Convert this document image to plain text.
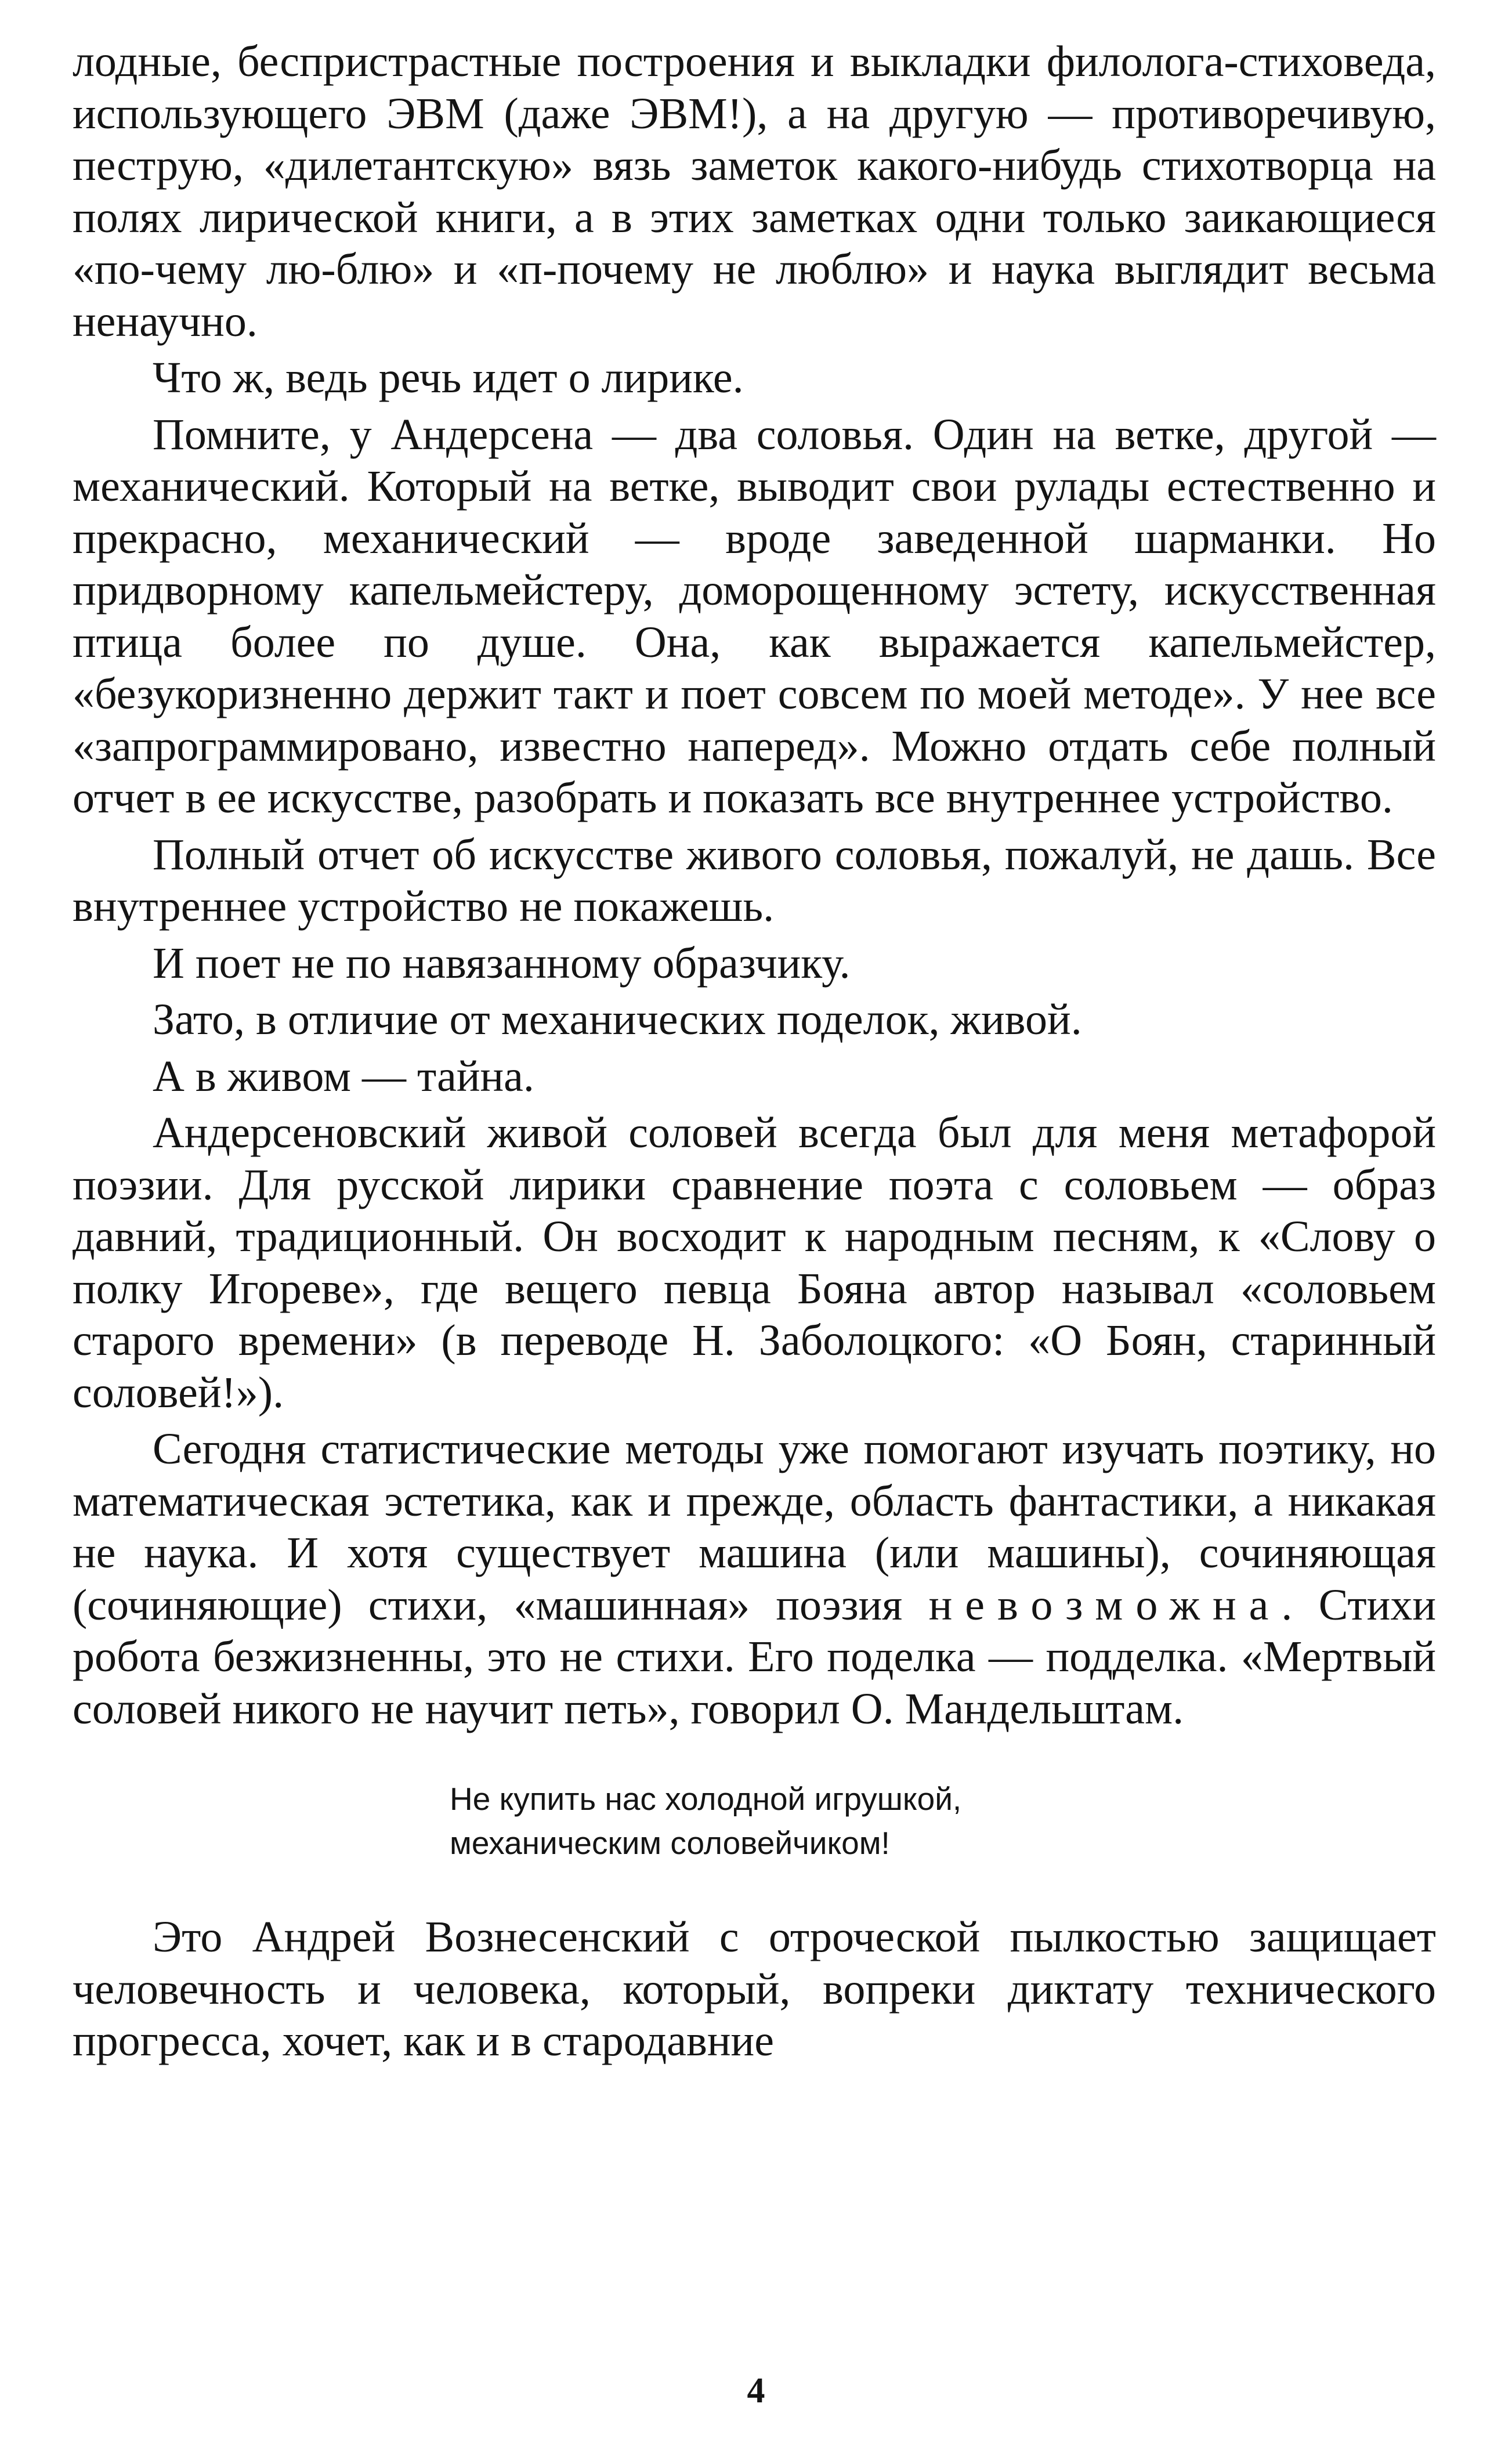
лодные, беспристрастные построения и выкладки филолога-стиховеда, использующего ЭВМ (даже ЭВМ!), а на другую — противоречивую, пеструю, «дилетантскую» вязь заметок какого-нибудь стихотворца на полях лирической книги, а в этих заметках одни только заикающиеся «по-чему лю-блю» и «п-почему не люблю» и наука выглядит весьма ненаучно.

Что ж, ведь речь идет о лирике.

Помните, у Андерсена — два соловья. Один на ветке, другой — механический. Который на ветке, выводит свои рулады естественно и прекрасно, механический — вроде заведенной шарманки. Но придворному капельмейстеру, доморощенному эстету, искусственная птица более по душе. Она, как выражается капельмейстер, «безукоризненно держит такт и поет совсем по моей методе». У нее все «запрограммировано, известно наперед». Можно отдать себе полный отчет в ее искусстве, разобрать и показать все внутреннее устройство.

Полный отчет об искусстве живого соловья, пожалуй, не дашь. Все внутреннее устройство не покажешь.

И поет не по навязанному образчику.

Зато, в отличие от механических поделок, живой.

А в живом — тайна.

Андерсеновский живой соловей всегда был для меня метафорой поэзии. Для русской лирики сравнение поэта с соловьем — образ давний, традиционный. Он восходит к народным песням, к «Слову о полку Игореве», где вещего певца Бояна автор называл «соловьем старого времени» (в переводе Н. Заболоцкого: «О Боян, старинный соловей!»).

Сегодня статистические методы уже помогают изучать поэтику, но математическая эстетика, как и прежде, область фантастики, а никакая не наука. И хотя существует машина (или машины), сочиняющая (сочиняющие) стихи, «машинная» поэзия невозможна. Стихи робота безжизненны, это не стихи. Его поделка — подделка. «Мертвый соловей никого не научит петь», говорил О. Мандельштам.

Не купить нас холодной игрушкой,
механическим соловейчиком!

Это Андрей Вознесенский с отроческой пылкостью защищает человечность и человека, который, вопреки диктату технического прогресса, хочет, как и в стародавние

4
